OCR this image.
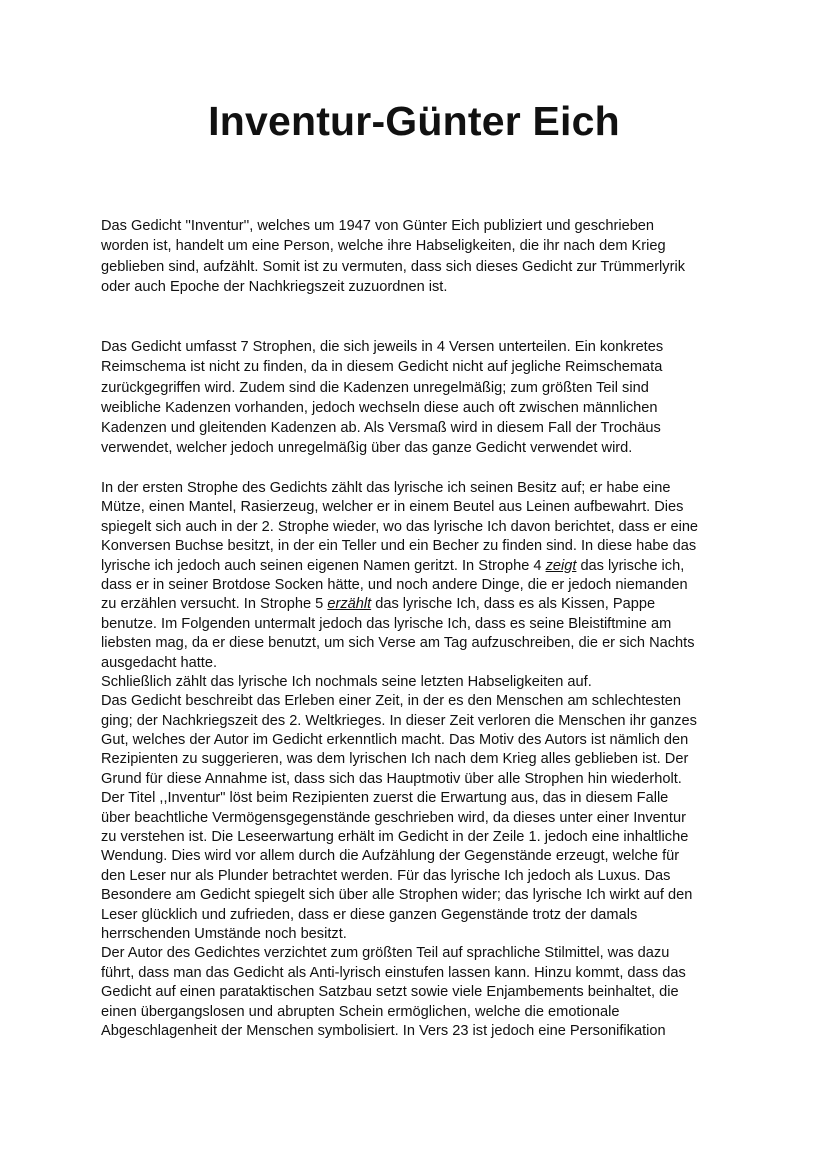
Inventur-Günter Eich
Das Gedicht ''Inventur'', welches um 1947 von Günter Eich publiziert und geschrieben
worden ist, handelt um eine Person, welche ihre Habseligkeiten, die ihr nach dem Krieg
geblieben sind, aufzählt. Somit ist zu vermuten, dass sich dieses Gedicht zur Trümmerlyrik
oder auch Epoche der Nachkriegszeit zuzuordnen ist.
Das Gedicht umfasst 7 Strophen, die sich jeweils in 4 Versen unterteilen. Ein konkretes
Reimschema ist nicht zu finden, da in diesem Gedicht nicht auf jegliche Reimschemata
zurückgegriffen wird. Zudem sind die Kadenzen unregelmäßig; zum größten Teil sind
weibliche Kadenzen vorhanden, jedoch wechseln diese auch oft zwischen männlichen
Kadenzen und gleitenden Kadenzen ab. Als Versmaß wird in diesem Fall der Trochäus
verwendet, welcher jedoch unregelmäßig über das ganze Gedicht verwendet wird.
In der ersten Strophe des Gedichts zählt das lyrische ich seinen Besitz auf; er habe eine
Mütze, einen Mantel, Rasierzeug, welcher er in einem Beutel aus Leinen aufbewahrt. Dies
spiegelt sich auch in der 2. Strophe wieder, wo das lyrische Ich davon berichtet, dass er eine
Konversen Buchse besitzt, in der ein Teller und ein Becher zu finden sind. In diese habe das
lyrische ich jedoch auch seinen eigenen Namen geritzt. In Strophe 4 zeigt das lyrische ich,
dass er in seiner Brotdose Socken hätte, und noch andere Dinge, die er jedoch niemanden
zu erzählen versucht. In Strophe 5 erzählt das lyrische Ich, dass es als Kissen, Pappe
benutze. Im Folgenden untermalt jedoch das lyrische Ich, dass es seine Bleistiftmine am
liebsten mag, da er diese benutzt, um sich Verse am Tag aufzuschreiben, die er sich Nachts
ausgedacht hatte.
Schließlich zählt das lyrische Ich nochmals seine letzten Habseligkeiten auf.
Das Gedicht beschreibt das Erleben einer Zeit, in der es den Menschen am schlechtesten
ging; der Nachkriegszeit des 2. Weltkrieges. In dieser Zeit verloren die Menschen ihr ganzes
Gut, welches der Autor im Gedicht erkenntlich macht. Das Motiv des Autors ist nämlich den
Rezipienten zu suggerieren, was dem lyrischen Ich nach dem Krieg alles geblieben ist. Der
Grund für diese Annahme ist, dass sich das Hauptmotiv über alle Strophen hin wiederholt.
Der Titel ,,Inventur" löst beim Rezipienten zuerst die Erwartung aus, das in diesem Falle
über beachtliche Vermögensgegenstände geschrieben wird, da dieses unter einer Inventur
zu verstehen ist. Die Leseerwartung erhält im Gedicht in der Zeile 1. jedoch eine inhaltliche
Wendung. Dies wird vor allem durch die Aufzählung der Gegenstände erzeugt, welche für
den Leser nur als Plunder betrachtet werden. Für das lyrische Ich jedoch als Luxus. Das
Besondere am Gedicht spiegelt sich über alle Strophen wider; das lyrische Ich wirkt auf den
Leser glücklich und zufrieden, dass er diese ganzen Gegenstände trotz der damals
herrschenden Umstände noch besitzt.
Der Autor des Gedichtes verzichtet zum größten Teil auf sprachliche Stilmittel, was dazu
führt, dass man das Gedicht als Anti-lyrisch einstufen lassen kann. Hinzu kommt, dass das
Gedicht auf einen parataktischen Satzbau setzt sowie viele Enjambements beinhaltet, die
einen übergangslosen und abrupten Schein ermöglichen, welche die emotionale
Abgeschlagenheit der Menschen symbolisiert. In Vers 23 ist jedoch eine Personifikation
